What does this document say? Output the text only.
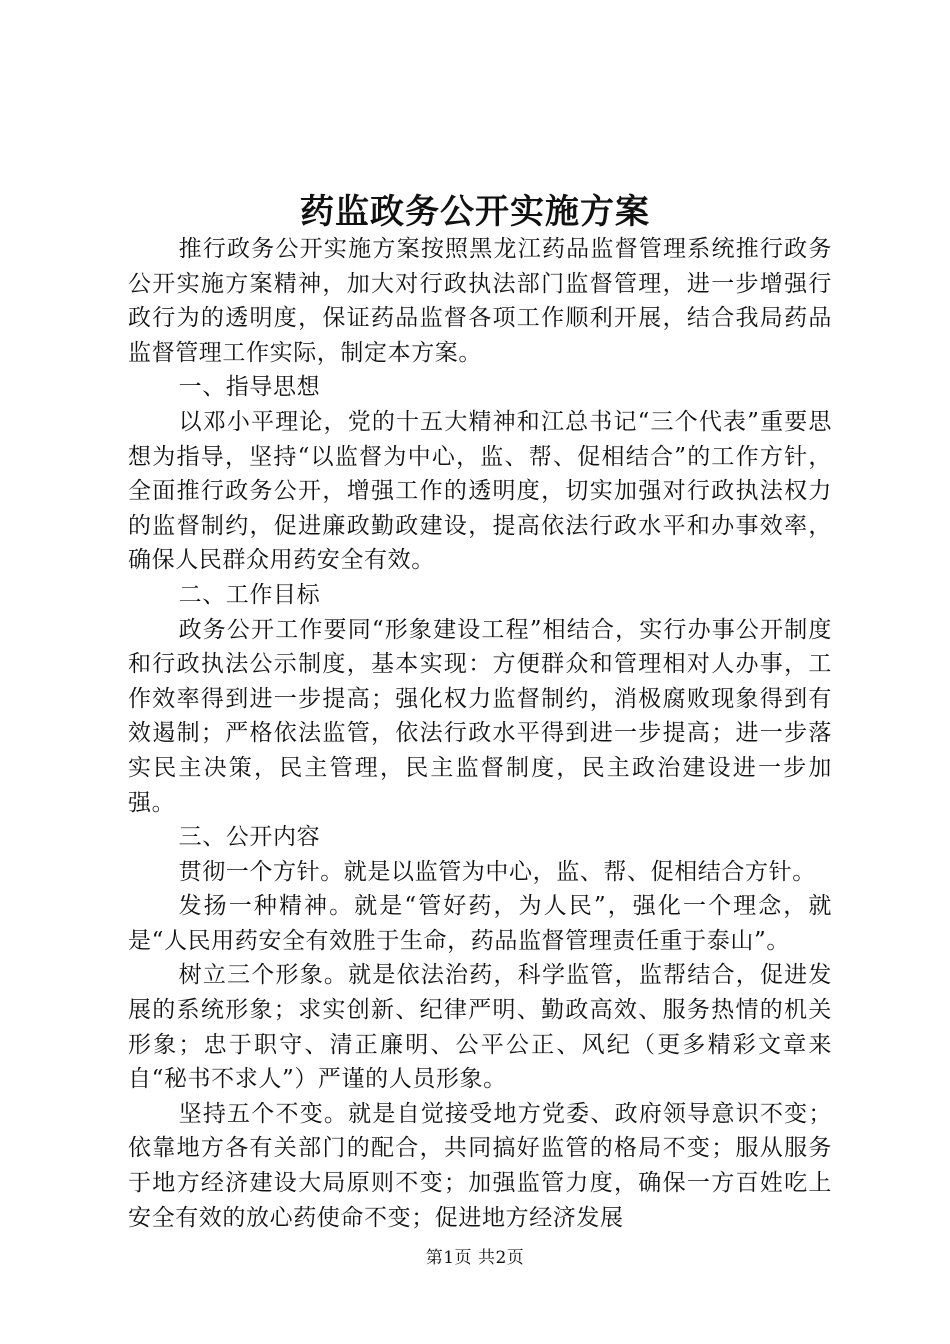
药监政务公开实施方案

推行政务公开实施方案按照黑龙江药品监督管理系统推行政务公开实施方案精神，加大对行政执法部门监督管理，进一步增强行政行为的透明度，保证药品监督各项工作顺利开展，结合我局药品监督管理工作实际，制定本方案。

一、指导思想

以邓小平理论，党的十五大精神和江总书记“三个代表”重要思想为指导，坚持“以监督为中心，监、帮、促相结合”的工作方针，全面推行政务公开，增强工作的透明度，切实加强对行政执法权力的监督制约，促进廉政勤政建设，提高依法行政水平和办事效率，确保人民群众用药安全有效。

二、工作目标

政务公开工作要同“形象建设工程”相结合，实行办事公开制度和行政执法公示制度，基本实现：方便群众和管理相对人办事，工作效率得到进一步提高；强化权力监督制约，消极腐败现象得到有效遏制；严格依法监管，依法行政水平得到进一步提高；进一步落实民主决策，民主管理，民主监督制度，民主政治建设进一步加强。

三、公开内容

贯彻一个方针。就是以监管为中心，监、帮、促相结合方针。

发扬一种精神。就是“管好药，为人民”，强化一个理念，就是“人民用药安全有效胜于生命，药品监督管理责任重于泰山”。

树立三个形象。就是依法治药，科学监管，监帮结合，促进发展的系统形象；求实创新、纪律严明、勤政高效、服务热情的机关形象；忠于职守、清正廉明、公平公正、风纪（更多精彩文章来自“秘书不求人”）严谨的人员形象。

坚持五个不变。就是自觉接受地方党委、政府领导意识不变；依靠地方各有关部门的配合，共同搞好监管的格局不变；服从服务于地方经济建设大局原则不变；加强监管力度，确保一方百姓吃上安全有效的放心药使命不变；促进地方经济发展

第1页 共2页
